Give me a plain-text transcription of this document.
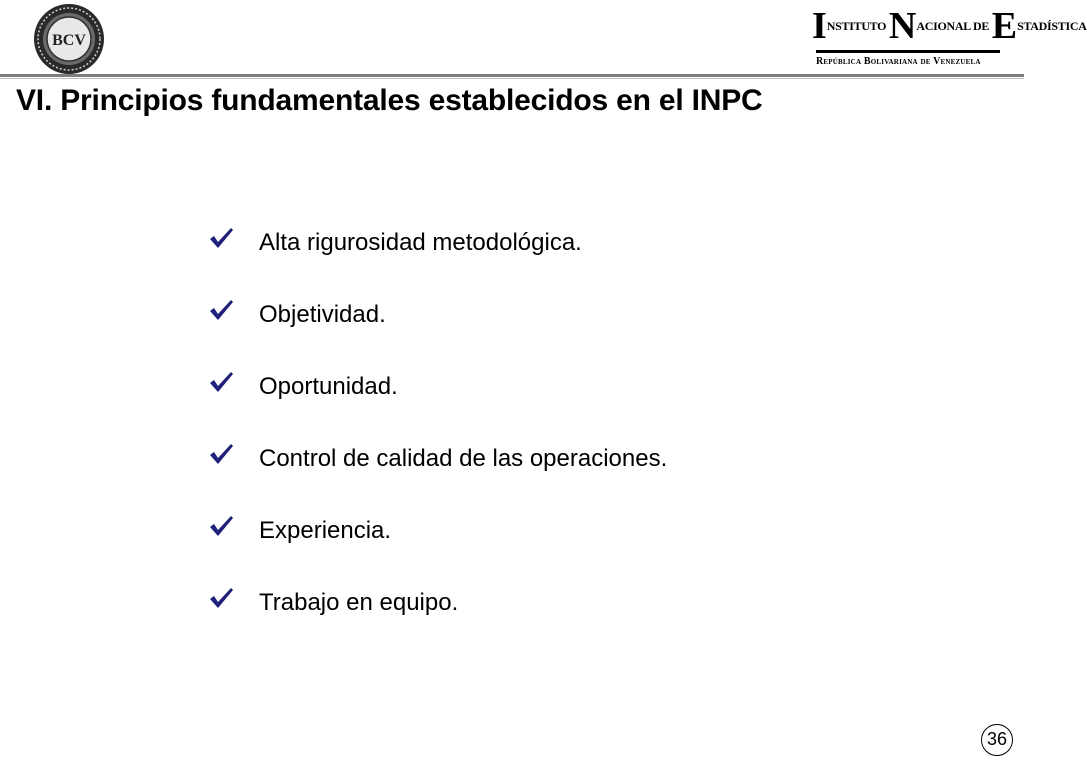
BCV	INSTITUTO NACIONAL DE ESTADÍSTICA
República Bolivariana de Venezuela
VI. Principios fundamentales establecidos en el INPC
Alta rigurosidad metodológica.
Objetividad.
Oportunidad.
Control de calidad de las operaciones.
Experiencia.
Trabajo en equipo.
36
